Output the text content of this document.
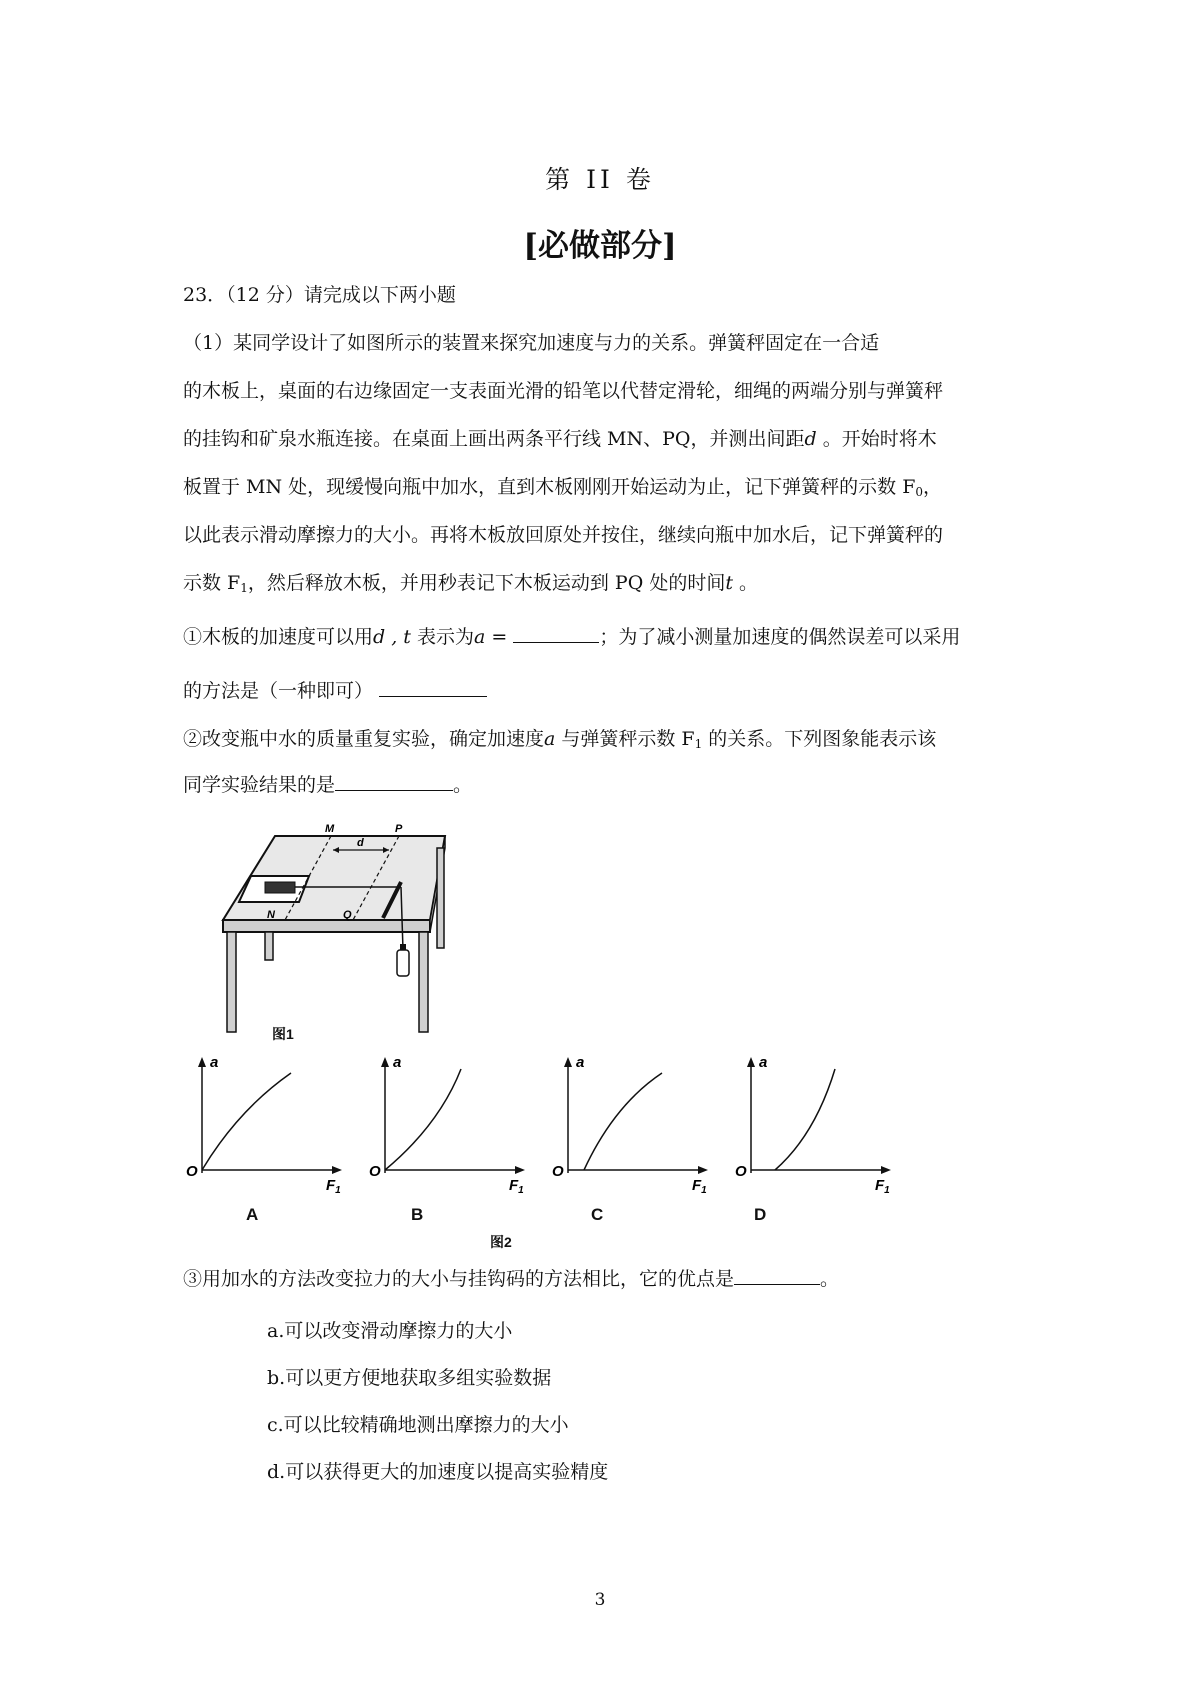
第 II 卷
[必做部分]
23．（12 分）请完成以下两小题
（1）某同学设计了如图所示的装置来探究加速度与力的关系。弹簧秤固定在一合适
的木板上，桌面的右边缘固定一支表面光滑的铅笔以代替定滑轮，细绳的两端分别与弹簧秤
的挂钩和矿泉水瓶连接。在桌面上画出两条平行线 MN、PQ，并测出间距d 。开始时将木
板置于 MN 处，现缓慢向瓶中加水，直到木板刚刚开始运动为止，记下弹簧秤的示数 $F_0$，
以此表示滑动摩擦力的大小。再将木板放回原处并按住，继续向瓶中加水后，记下弹簧秤的
示数 $F_1$，然后释放木板，并用秒表记下木板运动到 PQ 处的时间t 。
①木板的加速度可以用d , t 表示为a =	；为了减小测量加速度的偶然误差可以采用
的方法是（一种即可）
②改变瓶中水的质量重复实验，确定加速度a 与弹簧秤示数 $F_1$ 的关系。下列图象能表示该
同学实验结果的是	。
M	P
d
N	Q
图1
a
O
$F_1$
a
O
$F_1$
a
O
$F_1$
a
O
$F_1$
A	B	C	D
图2
③用加水的方法改变拉力的大小与挂钩码的方法相比，它的优点是	。
a.可以改变滑动摩擦力的大小
b.可以更方便地获取多组实验数据
c.可以比较精确地测出摩擦力的大小
d.可以获得更大的加速度以提高实验精度
3
